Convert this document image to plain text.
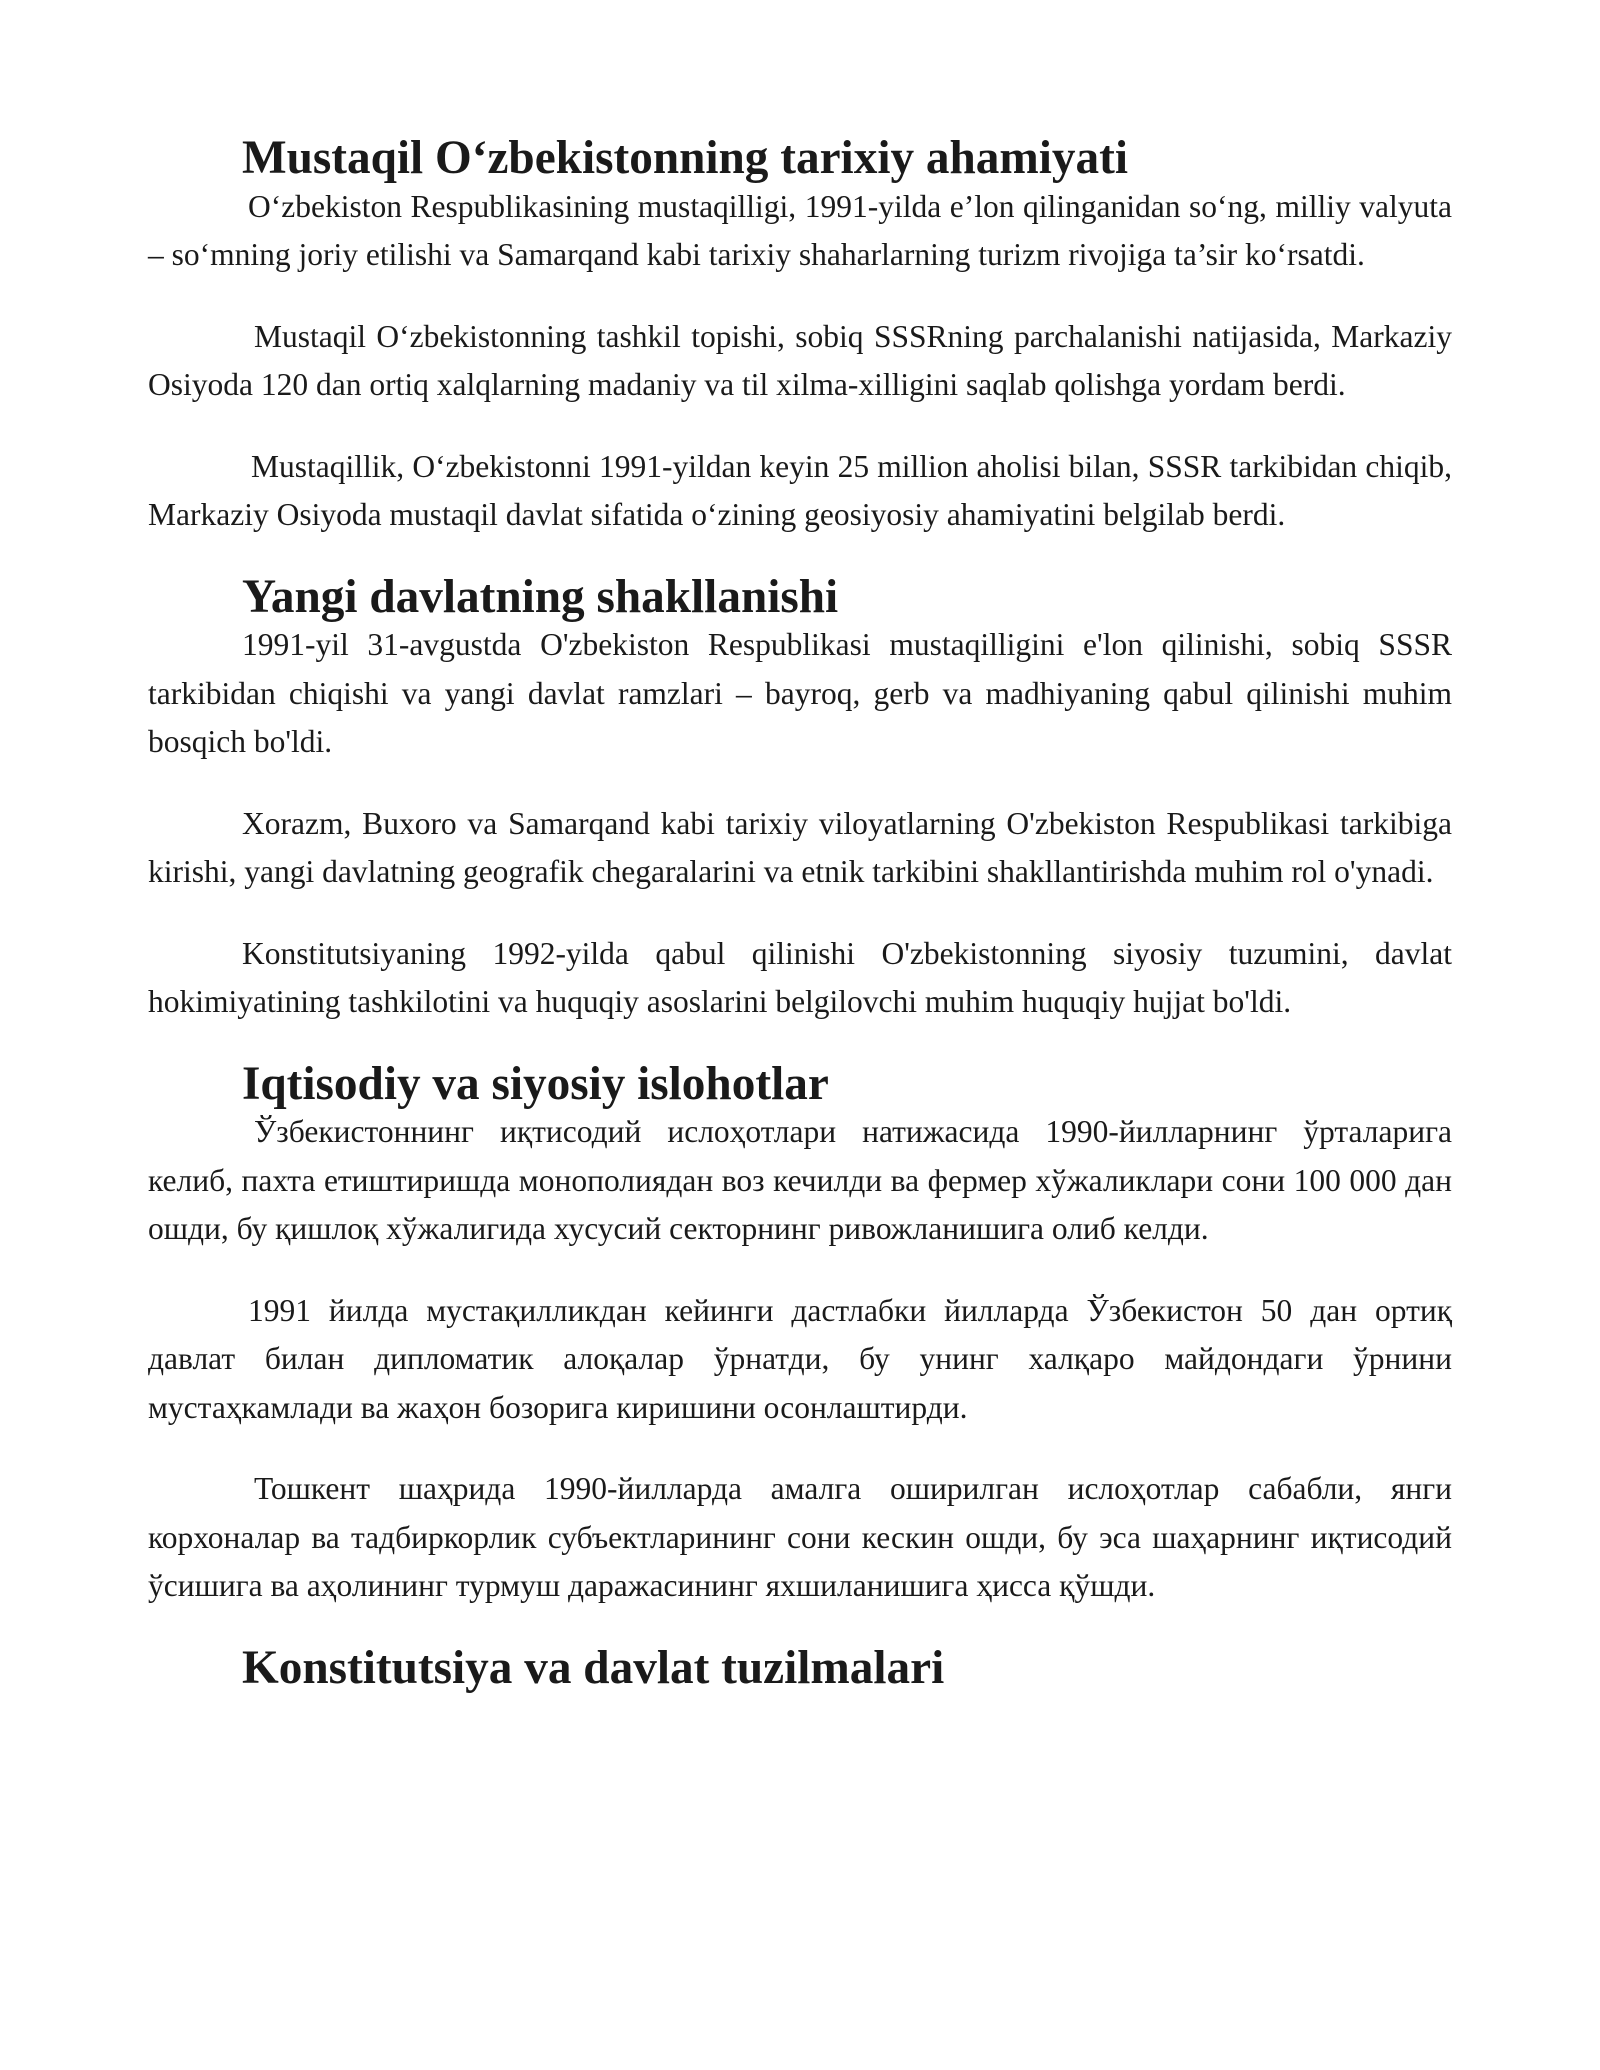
Mustaqil O‘zbekistonning tarixiy ahamiyati

O‘zbekiston Respublikasining mustaqilligi, 1991-yilda e’lon qilinganidan so‘ng, milliy valyuta – so‘mning joriy etilishi va Samarqand kabi tarixiy shaharlarning turizm rivojiga ta’sir ko‘rsatdi.

Mustaqil O‘zbekistonning tashkil topishi, sobiq SSSRning parchalanishi natijasida, Markaziy Osiyoda 120 dan ortiq xalqlarning madaniy va til xilma-xilligini saqlab qolishga yordam berdi.

Mustaqillik, O‘zbekistonni 1991-yildan keyin 25 million aholisi bilan, SSSR tarkibidan chiqib, Markaziy Osiyoda mustaqil davlat sifatida o‘zining geosiyosiy ahamiyatini belgilab berdi.

Yangi davlatning shakllanishi

1991-yil 31-avgustda O'zbekiston Respublikasi mustaqilligini e'lon qilinishi, sobiq SSSR tarkibidan chiqishi va yangi davlat ramzlari – bayroq, gerb va madhiyaning qabul qilinishi muhim bosqich bo'ldi.

Xorazm, Buxoro va Samarqand kabi tarixiy viloyatlarning O'zbekiston Respublikasi tarkibiga kirishi, yangi davlatning geografik chegaralarini va etnik tarkibini shakllantirishda muhim rol o'ynadi.

Konstitutsiyaning 1992-yilda qabul qilinishi O'zbekistonning siyosiy tuzumini, davlat hokimiyatining tashkilotini va huquqiy asoslarini belgilovchi muhim huquqiy hujjat bo'ldi.

Iqtisodiy va siyosiy islohotlar

Ўзбекистоннинг иқтисодий ислоҳотлари натижасида 1990-йилларнинг ўрталарига келиб, пахта етиштиришда монополиядан воз кечилди ва фермер хўжаликлари сони 100 000 дан ошди, бу қишлоқ хўжалигида хусусий секторнинг ривожланишига олиб келди.

1991 йилда мустақилликдан кейинги дастлабки йилларда Ўзбекистон 50 дан ортиқ давлат билан дипломатик алоқалар ўрнатди, бу унинг халқаро майдондаги ўрнини мустаҳкамлади ва жаҳон бозорига киришини осонлаштирди.

Тошкент шаҳрида 1990-йилларда амалга оширилган ислоҳотлар сабабли, янги корхоналар ва тадбиркорлик субъектларининг сони кескин ошди, бу эса шаҳарнинг иқтисодий ўсишига ва аҳолининг турмуш даражасининг яхшиланишига ҳисса қўшди.

Konstitutsiya va davlat tuzilmalari
